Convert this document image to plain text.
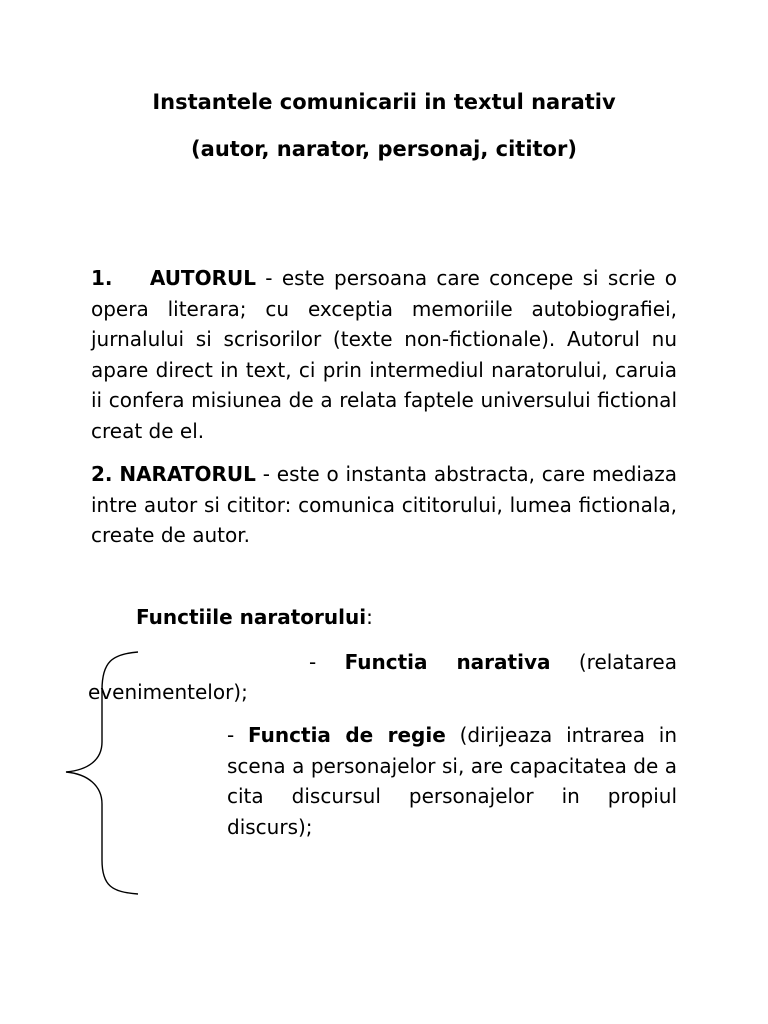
Instantele comunicarii in textul narativ
(autor, narator, personaj, cititor)

1. AUTORUL - este persoana care concepe si scrie o opera literara; cu exceptia memoriile autobiografiei, jurnalului si scrisorilor (texte non-fictionale). Autorul nu apare direct in text, ci prin intermediul naratorului, caruia ii confera misiunea de a relata faptele universului fictional creat de el.

2. NARATORUL - este o instanta abstracta, care mediaza intre autor si cititor: comunica cititorului, lumea fictionala, create de autor.

Functiile naratorului:

- Functia narativa (relatarea evenimentelor);

- Functia de regie (dirijeaza intrarea in scena a personajelor si, are capacitatea de a cita discursul personajelor in propiul discurs);
